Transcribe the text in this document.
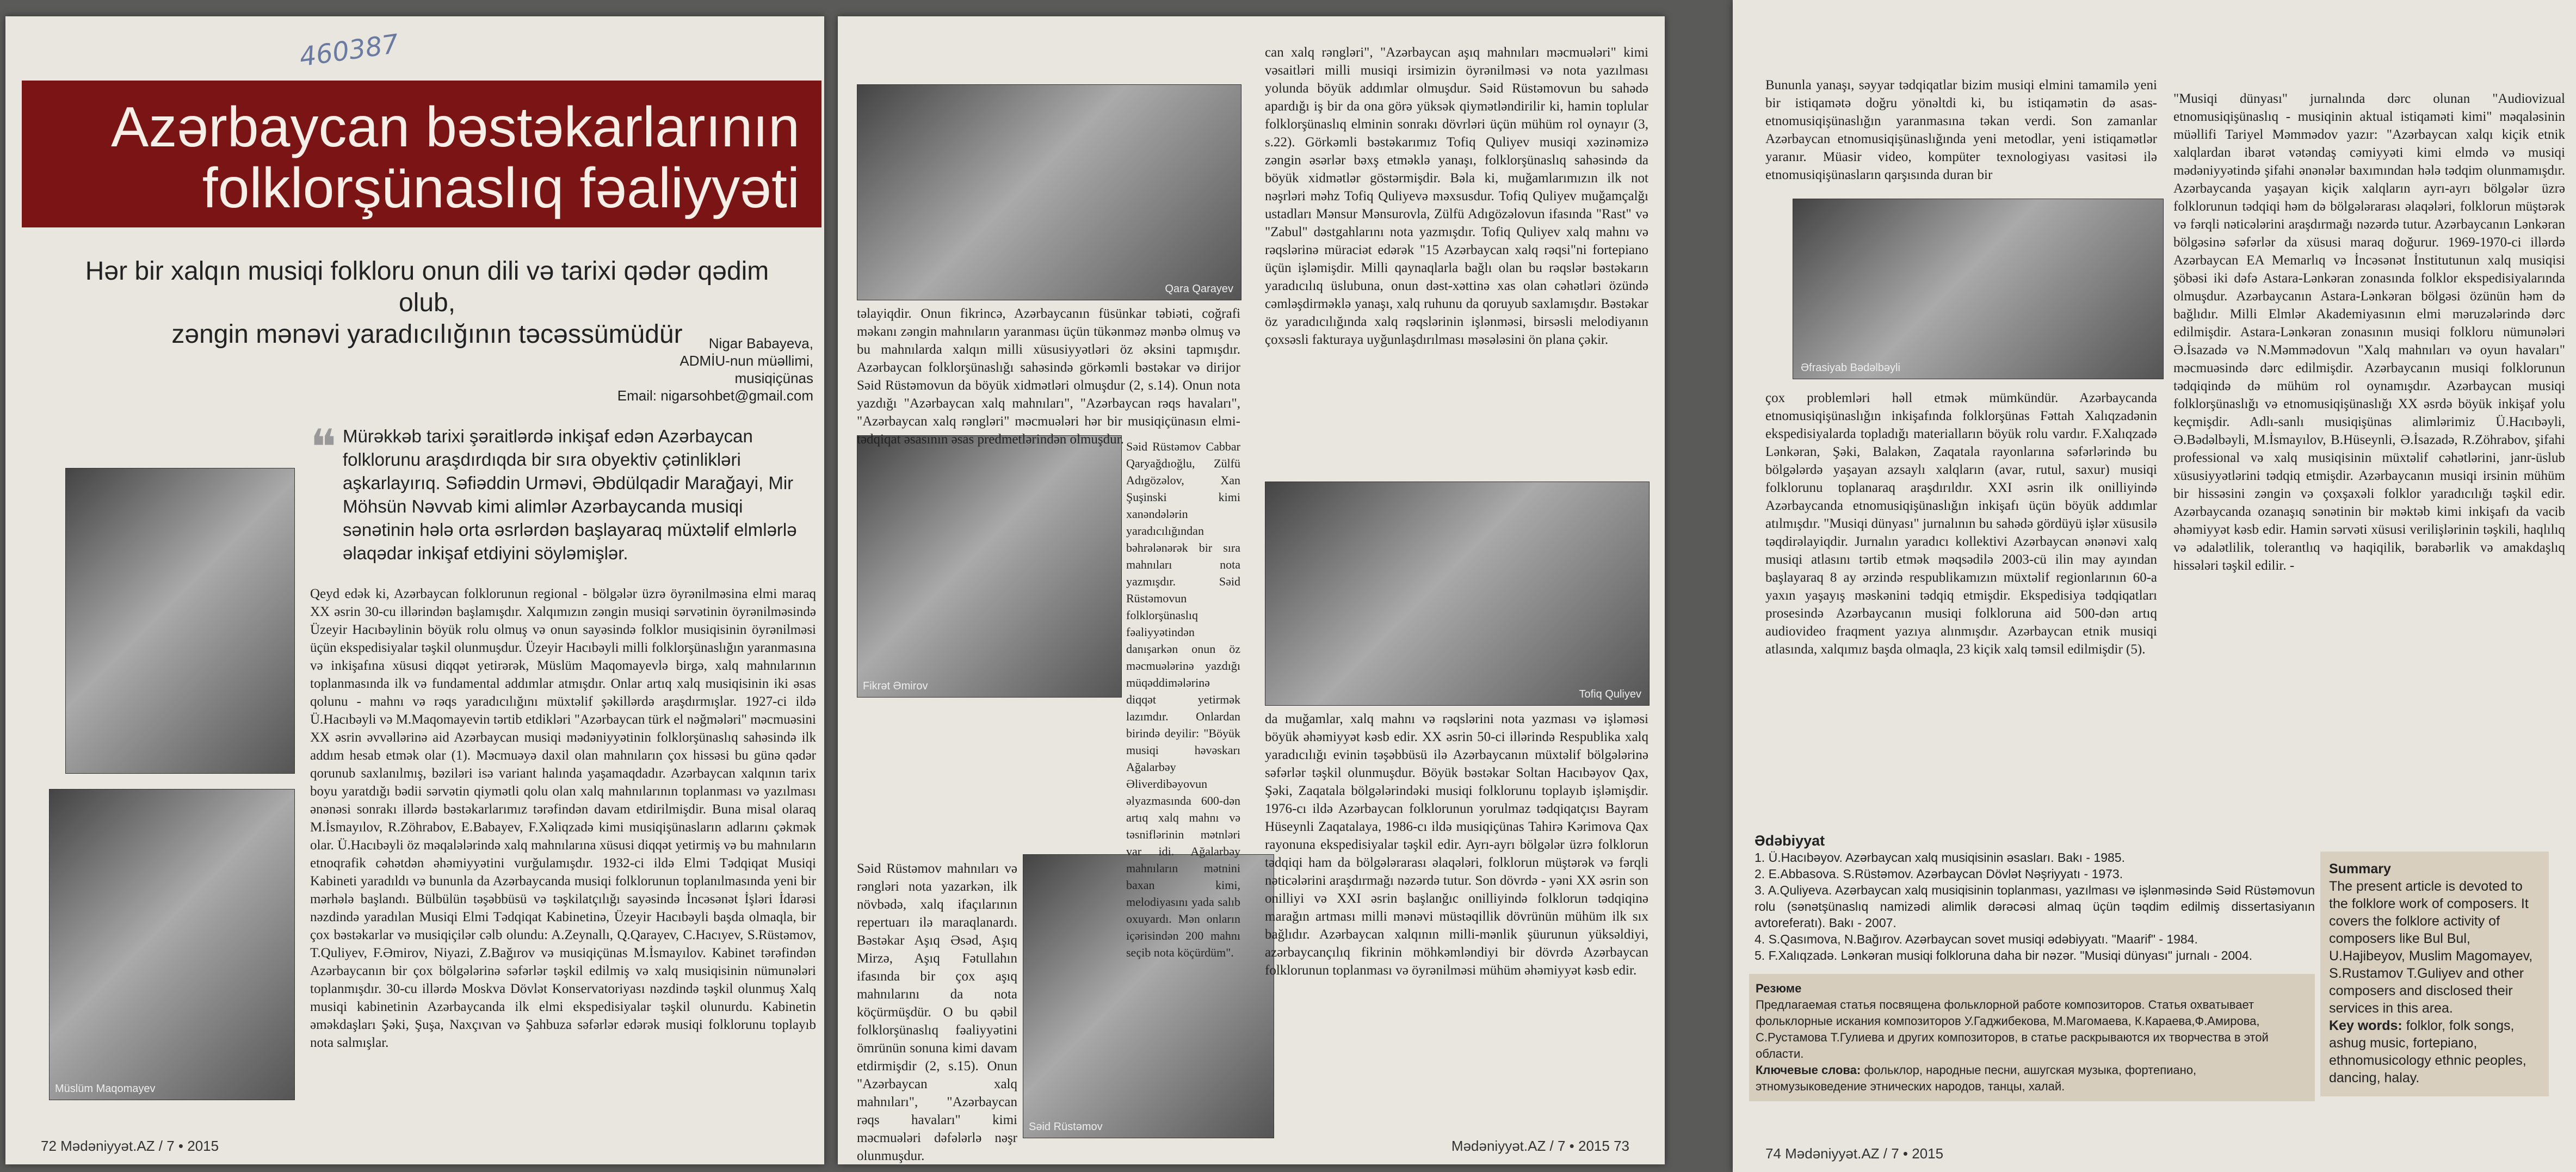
460387
Azərbaycan bəstəkarlarının
folklorşünaslıq fəaliyyəti
Hər bir xalqın musiqi folkloru onun dili və tarixi qədər qədim olub,
zəngin mənəvi yaradıcılığının təcəssümüdür	Nigar Babayeva,
ADMİU-nun müəllimi,
musiqiçünas
Email: nigarsohbet@gmail.com
❝ Mürəkkəb tarixi şəraitlərdə inkişaf edən Azərbaycan folklorunu araşdırdıqda bir sıra obyektiv çətinlikləri aşkarlayırıq. Səfiəddin Urməvi, Əbdülqadir Marağayi, Mir Möhsün Nəvvab kimi alimlər Azərbaycanda musiqi sənətinin hələ orta əsrlərdən başlayaraq müxtəlif elmlərlə əlaqədar inkişaf etdiyini söyləmişlər.
Müslüm Maqomayev
Qeyd edək ki, Azərbaycan folklorunun regional - bölgələr üzrə öyrənilməsina elmi maraq XX əsrin 30-cu illərindən başlamışdır. Xalqımızın zəngin musiqi sərvətinin öyrənilməsində Üzeyir Hacıbəylinin böyük rolu olmuş və onun sayəsində folklor musiqisinin öyrənilməsi üçün ekspedisiyalar təşkil olunmuşdur. Üzeyir Hacıbəyli milli folklorşünaslığın yaranmasına və inkişafına xüsusi diqqət yetirərək, Müslüm Maqomayevlə birgə, xalq mahnılarının toplanmasında ilk və fundamental addımlar atmışdır. Onlar artıq xalq musiqisinin iki əsas qolunu - mahnı və rəqs yaradıcılığını müxtəlif şəkillərdə araşdırmışlar. 1927-ci ildə Ü.Hacıbəyli və M.Maqomayevin tərtib etdikləri "Azərbaycan türk el nəğmələri" məcmuəsini XX əsrin əvvəllərinə aid Azərbaycan musiqi mədəniyyətinin folklorşünaslıq sahəsində ilk addım hesab etmək olar (1). Məcmuəyə daxil olan mahnıların çox hissəsi bu günə qədər qorunub saxlanılmış, bəziləri isə variant halında yaşamaqdadır. Azərbaycan xalqının tarix boyu yaratdığı bədii sərvətin qiymətli qolu olan xalq mahnılarının toplanması və yazılması ənənəsi sonrakı illərdə bəstəkarlarımız tərəfindən davam etdirilmişdir. Buna misal olaraq M.İsmayılov, R.Zöhrabov, E.Babayev, F.Xəliqzadə kimi musiqişünasların adlarını çəkmək olar. Ü.Hacıbəyli öz məqalələrində xalq mahnılarına xüsusi diqqət yetirmiş və bu mahnıların etnoqrafik cəhətdən əhəmiyyətini vurğulamışdır. 1932-ci ildə Elmi Tədqiqat Musiqi Kabineti yaradıldı və bununla da Azərbaycanda musiqi folklorunun toplanılmasında yeni bir mərhələ başlandı. Bülbülün təşəbbüsü və təşkilatçılığı sayəsində İncəsənət İşləri İdarəsi nəzdində yaradılan Musiqi Elmi Tədqiqat Kabinetinə, Üzeyir Hacıbəyli başda olmaqla, bir çox bəstəkarlar və musiqiçilər cəlb olundu: A.Zeynallı, Q.Qarayev, C.Hacıyev, S.Rüstəmov, T.Quliyev, F.Əmirov, Niyazi, Z.Bağırov və musiqiçünas M.İsmayılov. Kabinet tərəfindən Azərbaycanın bir çox bölgələrinə səfərlər təşkil edilmiş və xalq musiqisinin nümunələri toplanmışdır. 30-cu illərdə Moskva Dövlət Konservatoriyası nəzdində təşkil olunmuş Xalq musiqi kabinetinin Azərbaycanda ilk elmi ekspedisiyalar təşkil olunurdu. Kabinetin əməkdaşları Şəki, Şuşa, Naxçıvan və Şahbuza səfərlər edərək musiqi folklorunu toplayıb nota salmışlar.
72 Mədəniyyət.AZ / 7 • 2015
Qara Qarayev
Fikrət Əmirov
Səid Rüstəmov
Tofiq Quliyev
təlayiqdir. Onun fikrincə, Azərbaycanın füsünkar təbiəti, coğrafi məkanı zəngin mahnıların yaranması üçün tükənməz mənbə olmuş və bu mahnılarda xalqın milli xüsusiyyətləri öz əksini tapmışdır. Azərbaycan folklorşünaslığı sahəsində görkəmli bəstəkar və dirijor Səid Rüstəmovun da böyük xidmətləri olmuşdur (2, s.14). Onun nota yazdığı "Azərbaycan xalq mahnıları", "Azərbaycan rəqs havaları", "Azərbaycan xalq rəngləri" məcmuələri hər bir musiqiçünasın elmi-tədqiqat əsasının əsas predmetlərindən olmuşdur. Səid Rüstəmov Cabbar Qaryağdıoğlu, Zülfü Adıgözəlov, Xan Şuşinski kimi xanəndələrin yaradıcılığından bəhrələnərək bir sıra mahnıları nota yazmışdır. Səid Rüstəmovun folklorşünaslıq fəaliyyətindən danışarkən onun öz məcmuələrinə yazdığı müqəddimələrinə diqqət yetirmək lazımdır. Onlardan birində deyilir: "Böyük musiqi həvəskarı Ağalarbəy Əliverdibəyovun əlyazmasında 600-dən artıq xalq mahnı və təsniflərinin mətnləri var idi. Ağalarbəy mahnıların mətnini baxan kimi, melodiyasını yada salıb oxuyardı. Mən onların içərisindən 200 mahnı seçib nota köçürdüm".
Səid Rüstəmov mahnıları və rəngləri nota yazarkən, ilk növbədə, xalq ifaçılarının repertuarı ilə maraqlanardı. Bəstəkar Aşıq Əsəd, Aşıq Mirzə, Aşıq Fətullahın ifasında bir çox aşıq mahnılarını da nota köçürmüşdür. O bu qəbil folklorşünaslıq fəaliyyətini ömrünün sonuna kimi davam etdirmişdir (2, s.15). Onun "Azərbaycan xalq mahnıları", "Azərbaycan rəqs havaları" kimi məcmuələri dəfələrlə nəşr olunmuşdur.
can xalq rəngləri", "Azərbaycan aşıq mahnıları məcmuələri" kimi vəsaitləri milli musiqi irsimizin öyrənilməsi və nota yazılması yolunda böyük addımlar olmuşdur. Səid Rüstəmovun bu sahədə apardığı iş bir da ona görə yüksək qiymətləndirilir ki, hamin toplular folklorşünaslıq elminin sonrakı dövrləri üçün mühüm rol oynayır (3, s.22). Görkəmli bəstəkarımız Tofiq Quliyev musiqi xəzinəmizə zəngin əsərlər bəxş etməklə yanaşı, folklorşünaslıq sahəsində da böyük xidmətlər göstərmişdir. Bəla ki, muğamlarımızın ilk not nəşrləri məhz Tofiq Quliyevə məxsusdur. Tofiq Quliyev muğamçalğı ustadları Mənsur Mənsurovla, Zülfü Adıgözəlovun ifasında "Rast" və "Zabul" dəstgahlarını nota yazmışdır. Tofiq Quliyev xalq mahnı və rəqslərinə müraciət edərək "15 Azərbaycan xalq rəqsi"ni fortepiano üçün işləmişdir. Milli qaynaqlarla bağlı olan bu rəqslər bəstəkarın yaradıcılıq üslubuna, onun dəst-xəttinə xas olan cəhətləri özündə cəmləşdirməklə yanaşı, xalq ruhunu da qoruyub saxlamışdır. Bəstəkar öz yaradıcılığında xalq rəqslərinin işlənməsi, birsəsli melodiyanın çoxsəsli fakturaya uyğunlaşdırılması məsələsini ön plana çəkir.
da muğamlar, xalq mahnı və rəqslərini nota yazması və işləməsi böyük əhəmiyyət kəsb edir. XX əsrin 50-ci illərində Respublika xalq yaradıcılığı evinin təşəbbüsü ilə Azərbaycanın müxtəlif bölgələrinə səfərlər təşkil olunmuşdur. Böyük bəstəkar Soltan Hacıbəyov Qax, Şəki, Zaqatala bölgələrindəki musiqi folklorunu toplayıb işləmişdir. 1976-cı ildə Azərbaycan folklorunun yorulmaz tədqiqatçısı Bayram Hüseynli Zaqatalaya, 1986-cı ildə musiqiçünas Tahirə Kərimova Qax rayonuna ekspedisiyalar təşkil edir. Ayrı-ayrı bölgələr üzrə folklorun tədqiqi ham da bölgələrarası əlaqələri, folklorun müştərək və fərqli nəticələrini araşdırmağı nəzərdə tutur. Son dövrdə - yəni XX əsrin son onilliyi və XXI əsrin başlanğıc onilliyində folklorun tədqiqinə marağın artması milli mənəvi müstəqillik dövrünün mühüm ilk sıx bağlıdır. Azərbaycan xalqının milli-mənlik şüurunun yüksəldiyi, azərbaycançılıq fikrinin möhkəmləndiyi bir dövrdə Azərbaycan folklorunun toplanması və öyrənilməsi mühüm əhəmiyyət kəsb edir.
Mədəniyyət.AZ / 7 • 2015 73
Bununla yanaşı, səyyar tədqiqatlar bizim musiqi elmini tamamilə yeni bir istiqamətə doğru yönəltdi ki, bu istiqamətin də asas-etnomusiqişünaslığın yaranmasına təkan verdi. Son zamanlar Azərbaycan etnomusiqişünaslığında yeni metodlar, yeni istiqamətlər yaranır. Müasir video, kompüter texnologiyası vasitəsi ilə etnomusiqişünasların qarşısında duran bir
Əfrasiyab Bədəlbəyli
çox problemləri həll etmək mümkündür. Azərbaycanda etnomusiqişünaslığın inkişafında folklorşünas Fəttah Xalıqzadənin ekspedisiyalarda topladığı materialların böyük rolu vardır. F.Xalıqzadə Lənkəran, Şəki, Balakən, Zaqatala rayonlarına səfərlərində bu bölgələrdə yaşayan azsaylı xalqların (avar, rutul, saxur) musiqi folklorunu toplanaraq araşdırıldır. XXI əsrin ilk onilliyində Azərbaycanda etnomusiqişünaslığın inkişafı üçün böyük addımlar atılmışdır. "Musiqi dünyası" jurnalının bu sahədə gördüyü işlər xüsusilə təqdirəlayiqdir. Jurnalın yaradıcı kollektivi Azərbaycan ənənəvi xalq musiqi atlasını tərtib etmək məqsədilə 2003-cü ilin may ayından başlayaraq 8 ay ərzində respublikamızın müxtəlif regionlarının 60-a yaxın yaşayış məskənini tədqiq etmişdir. Ekspedisiya tədqiqatları prosesində Azərbaycanın musiqi folkloruna aid 500-dən artıq audiovideo fraqment yazıya alınmışdır. Azərbaycan etnik musiqi atlasında, xalqımız başda olmaqla, 23 kiçik xalq təmsil edilmişdir (5).
"Musiqi dünyası" jurnalında dərc olunan "Audiovizual etnomusiqişünaslıq - musiqinin aktual istiqaməti kimi" məqaləsinin müəllifi Tariyel Məmmədov yazır: "Azərbaycan xalqı kiçik etnik xalqlardan ibarət vətəndaş cəmiyyəti kimi elmdə və musiqi mədəniyyətində şifahi ənənələr baxımından hələ tədqim olunmamışdır. Azərbaycanda yaşayan kiçik xalqların ayrı-ayrı bölgələr üzrə folklorunun tədqiqi həm də bölgələrarası əlaqələri, folklorun müştərək və fərqli nəticələrini araşdırmağı nəzərdə tutur. Azərbaycanın Lənkəran bölgəsinə səfərlər da xüsusi maraq doğurur. 1969-1970-ci illərdə Azərbaycan EA Memarlıq və İncəsənət İnstitutunun xalq musiqisi şöbəsi iki dəfə Astara-Lənkəran zonasında folklor ekspedisiyalarında olmuşdur. Azərbaycanın Astara-Lənkəran bölgəsi özünün həm də bağlıdır. Milli Elmlər Akademiyasının elmi məruzələrində dərc edilmişdir. Astara-Lənkəran zonasının musiqi folkloru nümunələri Ə.İsazadə və N.Məmmədovun "Xalq mahnıları və oyun havaları" məcmuəsində dərc edilmişdir. Azərbaycanın musiqi folklorunun tədqiqində də mühüm rol oynamışdır. Azərbaycan musiqi folklorşünaslığı və etnomusiqişünaslığı XX əsrdə böyük inkişaf yolu keçmişdir. Adlı-sanlı musiqişünas alimlərimiz Ü.Hacıbəyli, Ə.Bədəlbəyli, M.İsmayılov, B.Hüseynli, Ə.İsazadə, R.Zöhrabov, şifahi professional və xalq musiqisinin müxtəlif cəhətlərini, janr-üslub xüsusiyyətlərini tədqiq etmişdir. Azərbaycanın musiqi irsinin mühüm bir hissəsini zəngin və çoxşaxəli folklor yaradıcılığı təşkil edir. Azərbaycanda ozanaşıq sənətinin bir məktəb kimi inkişafı da vacib əhəmiyyət kəsb edir. Hamin sərvəti xüsusi verilişlərinin təşkili, haqlılıq və ədalətlilik, tolerantlıq və haqiqilik, bərabərlik və amakdaşlıq hissələri təşkil edilir. -
Ədəbiyyat
1. Ü.Hacıbəyov. Azərbaycan xalq musiqisinin əsasları. Bakı - 1985.
2. E.Abbasova. S.Rüstəmov. Azərbaycan Dövlət Nəşriyyatı - 1973.
3. A.Quliyeva. Azərbaycan xalq musiqisinin toplanması, yazılması və işlənməsində Səid Rüstəmovun rolu (sənətşünaslıq namizədi alimlik dərəcəsi almaq üçün təqdim edilmiş dissertasiyanın avtoreferatı). Bakı - 2007.
4. S.Qasımova, N.Bağırov. Azərbaycan sovet musiqi ədəbiyyatı. "Maarif" - 1984.
5. F.Xalıqzadə. Lənkəran musiqi folkloruna daha bir nəzər. "Musiqi dünyası" jurnalı - 2004.
Резюме
Предлагаемая статья посвящена фольклорной работе композиторов. Статья охватывает фольклорные искания композиторов У.Гаджибекова, М.Магомаева, К.Караева,Ф.Амирова, С.Рустамова Т.Гулиева и других композиторов, в статье раскрываются их творчества в этой области.
Ключевые слова: фольклор, народные песни, ашугская музыка, фортепиано, этномузыковедение этнических народов, танцы, халай.
Summary
The present article is devoted to the folklore work of composers. It covers the folklore activity of composers like Bul Bul, U.Hajibeyov, Muslim Magomayev, S.Rustamov T.Guliyev and other composers and disclosed their services in this area.
Key words: folklor, folk songs, ashug music, fortepiano, ethnomusicology ethnic peoples, dancing, halay.
74 Mədəniyyət.AZ / 7 • 2015
